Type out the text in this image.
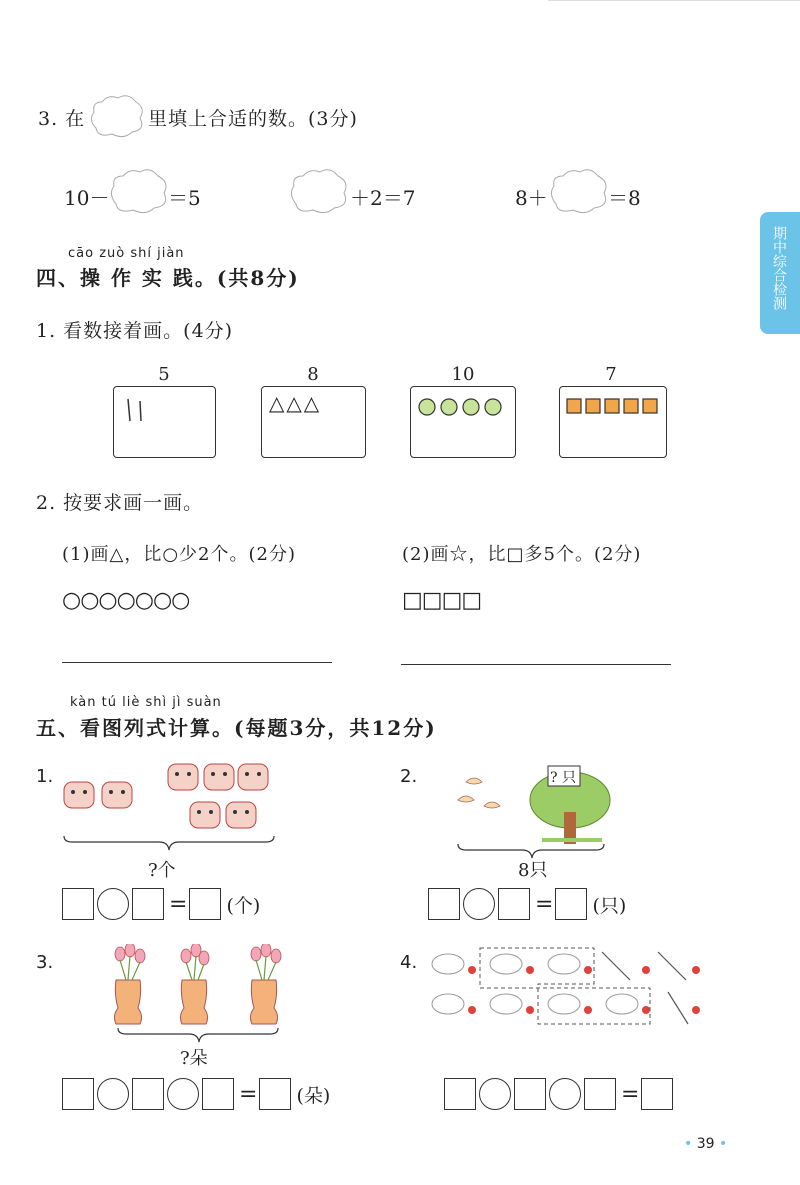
期中综合检测
3. 在	里填上合适的数。(3分)
10－	＝5	＋2＝7	8＋	＝8
cāo zuò shí jiàn
四、操 作 实 践。(共8分)
1. 看数接着画。(4分)
5	8
△△△
10	7
2. 按要求画一画。
(1)画△，比○少2个。(2分)
○○○○○○○
(2)画☆，比□多5个。(2分)
□□□□
kàn tú liè shì jì suàn
五、看图列式计算。(每题3分，共12分)
1.
?个
= (个)
2.	? 只
8只
= (只)
3.
?朵
= (朵)
4.
=
• 39 •
